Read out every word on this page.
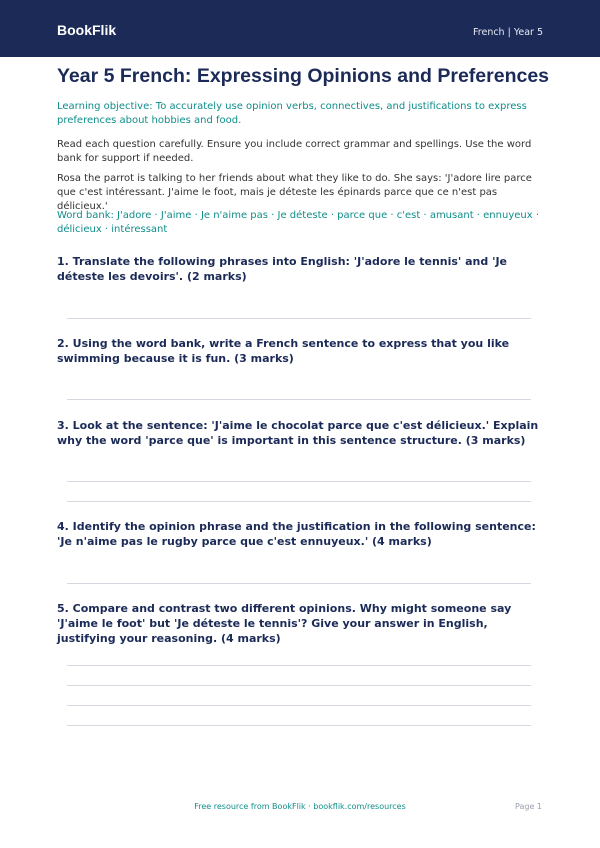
BookFlik	French | Year 5
Year 5 French: Expressing Opinions and Preferences
Learning objective: To accurately use opinion verbs, connectives, and justifications to express preferences about hobbies and food.
Read each question carefully. Ensure you include correct grammar and spellings. Use the word bank for support if needed.
Rosa the parrot is talking to her friends about what they like to do. She says: 'J'adore lire parce que c'est intéressant. J'aime le foot, mais je déteste les épinards parce que ce n'est pas délicieux.'
Word bank: J'adore · J'aime · Je n'aime pas · Je déteste · parce que · c'est · amusant · ennuyeux · délicieux · intéressant
1. Translate the following phrases into English: 'J'adore le tennis' and 'Je déteste les devoirs'. (2 marks)
2. Using the word bank, write a French sentence to express that you like swimming because it is fun. (3 marks)
3. Look at the sentence: 'J'aime le chocolat parce que c'est délicieux.' Explain why the word 'parce que' is important in this sentence structure. (3 marks)
4. Identify the opinion phrase and the justification in the following sentence: 'Je n'aime pas le rugby parce que c'est ennuyeux.' (4 marks)
5. Compare and contrast two different opinions. Why might someone say 'J'aime le foot' but 'Je déteste le tennis'? Give your answer in English, justifying your reasoning. (4 marks)
Free resource from BookFlik · bookflik.com/resources	Page 1
